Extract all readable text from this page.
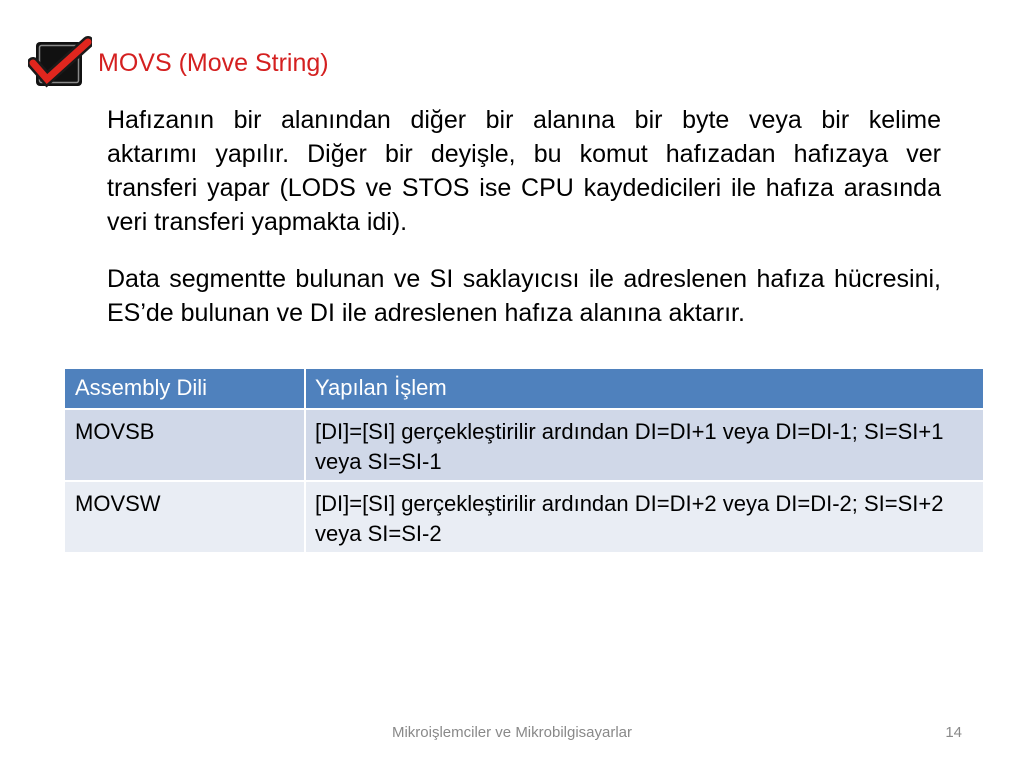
MOVS (Move String)
Hafızanın bir alanından diğer bir alanına bir byte veya bir kelime
aktarımı yapılır. Diğer bir deyişle, bu komut hafızadan hafızaya ver
transferi yapar (LODS ve STOS ise CPU kaydedicileri ile hafıza arasında
veri transferi yapmakta idi).
Data segmentte bulunan ve SI saklayıcısı ile adreslenen hafıza hücresini,
ES’de bulunan ve DI ile adreslenen hafıza alanına aktarır.
Assembly Dili	Yapılan İşlem
MOVSB	[DI]=[SI] gerçekleştirilir ardından DI=DI+1 veya DI=DI-1; SI=SI+1 veya SI=SI-1
MOVSW	[DI]=[SI] gerçekleştirilir ardından DI=DI+2 veya DI=DI-2; SI=SI+2 veya SI=SI-2
Mikroişlemciler ve Mikrobilgisayarlar	14
